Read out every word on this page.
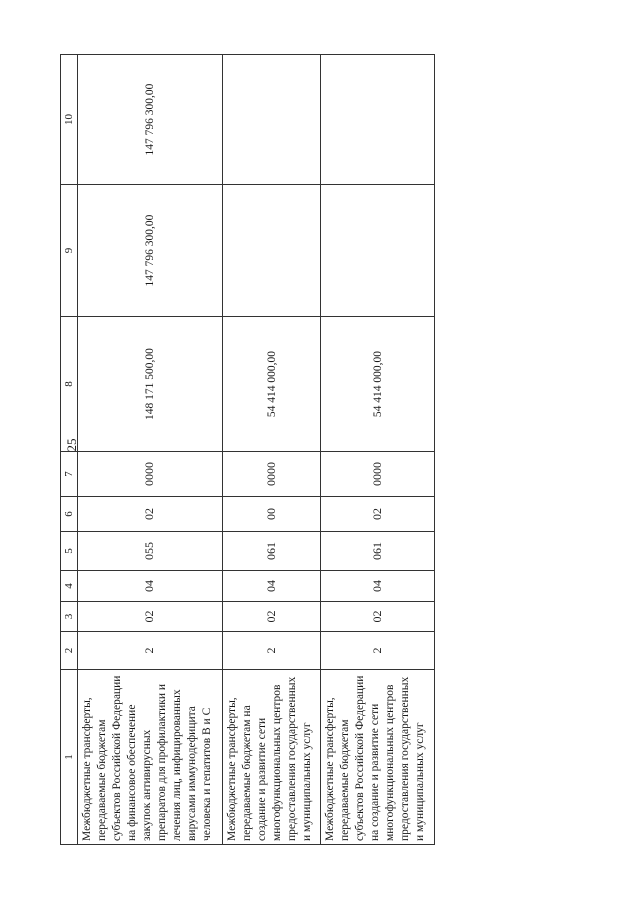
25
1	2	3	4	5	6	7	8	9	10
Межбюджетные трансферты, передаваемые бюджетам субъектов Российской Федерации на финансовое обеспечение закупок антивирусных препаратов для профилактики и лечения лиц, инфицированных вирусами иммунодефицита человека и гепатитов В и С	2	02	04	055	02	0000	148 171 500,00	147 796 300,00	147 796 300,00
Межбюджетные трансферты, передаваемые бюджетам на создание и развитие сети многофункциональных центров предоставления государственных и муниципальных услуг	2	02	04	061	00	0000	54 414 000,00		
Межбюджетные трансферты, передаваемые бюджетам субъектов Российской Федерации на создание и развитие сети многофункциональных центров предоставления государственных и муниципальных услуг	2	02	04	061	02	0000	54 414 000,00		
